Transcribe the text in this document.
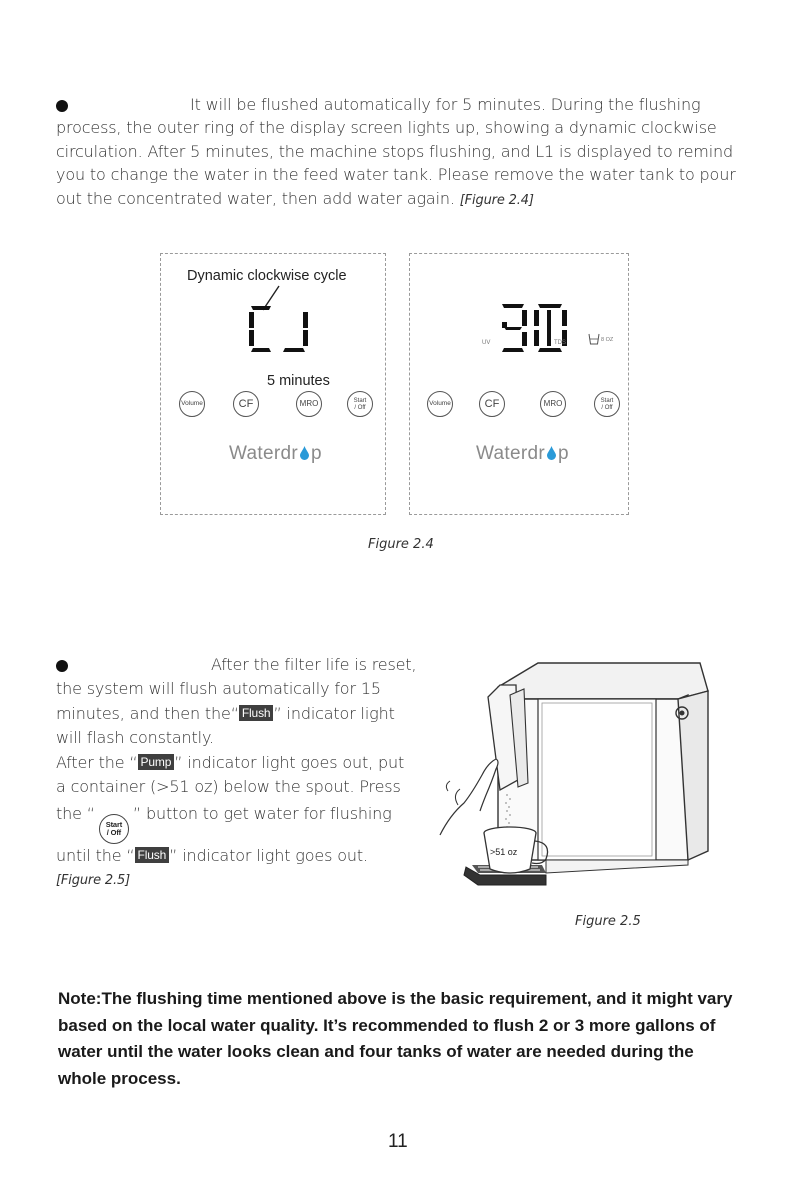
It will be flushed automatically for 5 minutes. During the flushing process, the outer ring of the display screen lights up, showing a dynamic clockwise circulation. After 5 minutes, the machine stops flushing, and L1 is displayed to remind you to change the water in the feed water tank. Please remove the water tank to pour out the concentrated water, then add water again. [Figure 2.4]
Dynamic clockwise cycle
5 minutes
Volume	CF	MRO	Start
/ Off
Waterdr p
UV	TDS	8 OZ
Volume	CF	MRO	Start
/ Off
Waterdr p
Figure 2.4
After the filter life is reset,
the system will flush automatically for 15
minutes, and then the“ Flush ” indicator light
will flash constantly.
After the “ Pump ” indicator light goes out, put
a container (>51 oz) below the spout. Press
the “
Start
/ Off
” button to get water for flushing
until the “ Flush ” indicator light goes out.
[Figure 2.5]
>51 oz
Figure 2.5
Note:The flushing time mentioned above is the basic requirement, and it might vary based on the local water quality. It’s recommended to flush 2 or 3 more gallons of water until the water looks clean and four tanks of water are needed during the whole process.
11
